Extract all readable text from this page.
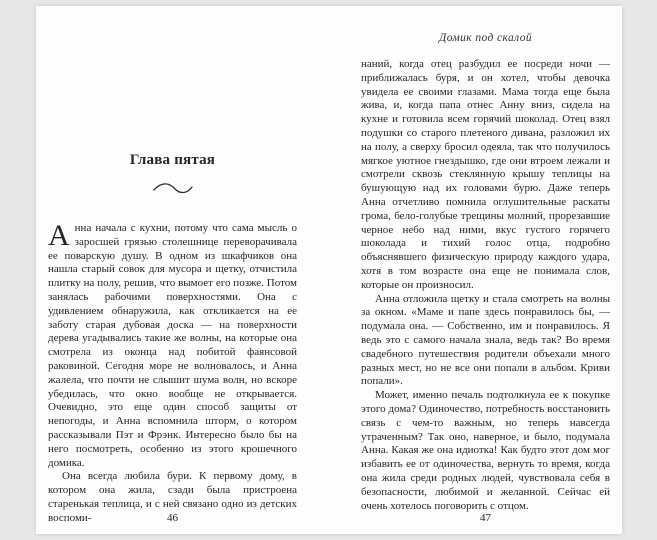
Глава пятая

Анна начала с кухни, потому что сама мысль о заросшей грязью столешнице переворачивала ее поварскую душу. В одном из шкафчиков она нашла старый совок для мусора и щетку, отчистила плитку на полу, решив, что вымоет его позже. Потом занялась рабочими поверхностями. Она с удивлением обнаружила, как откликается на ее заботу старая дубовая доска — на поверхности дерева угадывались такие же волны, на которые она смотрела из оконца над побитой фаянсовой раковиной. Сегодня море не волновалось, и Анна жалела, что почти не слышит шума волн, но вскоре убедилась, что окно вообще не открывается. Очевидно, это еще один способ защиты от непогоды, и Анна вспомнила шторм, о котором рассказывали Пэт и Фрэнк. Интересно было бы на него посмотреть, особенно из этого крошечного домика.

Она всегда любила бури. К первому дому, в котором она жила, сзади была пристроена старенькая теплица, и с ней связано одно из детских воспоми-	46
Домик под скалой

наний, когда отец разбудил ее посреди ночи — приближалась буря, и он хотел, чтобы девочка увидела ее своими глазами. Мама тогда еще была жива, и, когда папа отнес Анну вниз, сидела на кухне и готовила всем горячий шоколад. Отец взял подушки со старого плетеного дивана, разложил их на полу, а сверху бросил одеяла, так что получилось мягкое уютное гнездышко, где они втроем лежали и смотрели сквозь стеклянную крышу теплицы на бушующую над их головами бурю. Даже теперь Анна отчетливо помнила оглушительные раскаты грома, бело-голубые трещины молний, прорезавшие черное небо над ними, вкус густого горячего шоколада и тихий голос отца, подробно объяснявшего физическую природу каждого удара, хотя в том возрасте она еще не понимала слов, которые он произносил.

Анна отложила щетку и стала смотреть на волны за окном. «Маме и папе здесь понравилось бы, — подумала она. — Собственно, им и понравилось. Я ведь это с самого начала знала, ведь так? Во время свадебного путешествия родители объехали много разных мест, но не все они попали в альбом. Криви попали».

Может, именно печаль подтолкнула ее к покупке этого дома? Одиночество, потребность восстановить связь с чем-то важным, но теперь навсегда утраченным? Так оно, наверное, и было, подумала Анна. Какая же она идиотка! Как будто этот дом мог избавить ее от одиночества, вернуть то время, когда она жила среди родных людей, чувствовала себя в безопасности, любимой и желанной. Сейчас ей очень хотелось поговорить с отцом.

47
